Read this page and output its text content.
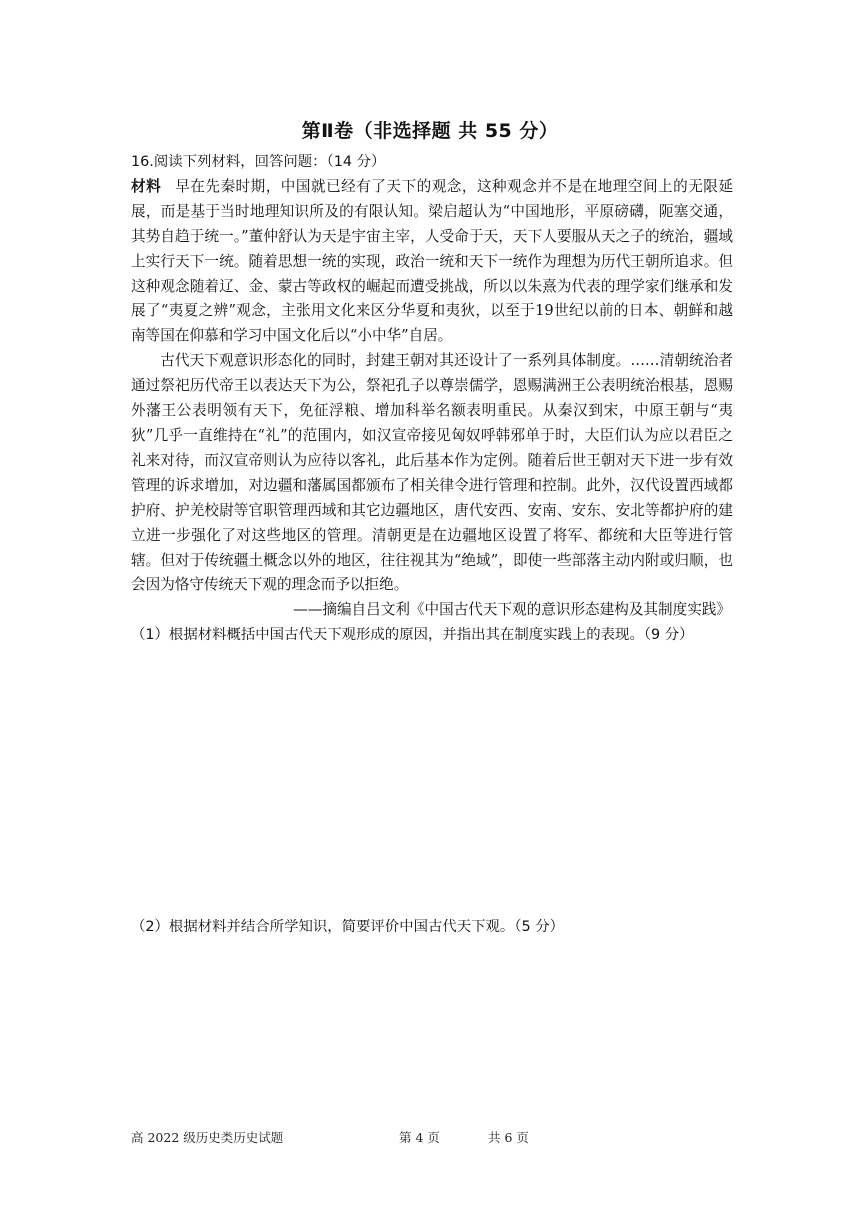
第Ⅱ卷（非选择题 共 55 分）

16.阅读下列材料，回答问题：（14 分）

材料 早在先秦时期，中国就已经有了天下的观念，这种观念并不是在地理空间上的无限延展，而是基于当时地理知识所及的有限认知。梁启超认为“中国地形，平原磅礴，阨塞交通，其势自趋于统一。”董仲舒认为天是宇宙主宰，人受命于天，天下人要服从天之子的统治，疆域上实行天下一统。随着思想一统的实现，政治一统和天下一统作为理想为历代王朝所追求。但这种观念随着辽、金、蒙古等政权的崛起而遭受挑战，所以以朱熹为代表的理学家们继承和发展了“夷夏之辨”观念，主张用文化来区分华夏和夷狄，以至于19世纪以前的日本、朝鲜和越南等国在仰慕和学习中国文化后以“小中华”自居。

古代天下观意识形态化的同时，封建王朝对其还设计了一系列具体制度。……清朝统治者通过祭祀历代帝王以表达天下为公，祭祀孔子以尊崇儒学，恩赐满洲王公表明统治根基，恩赐外藩王公表明领有天下，免征浮粮、增加科举名额表明重民。从秦汉到宋，中原王朝与“夷狄”几乎一直维持在“礼”的范围内，如汉宣帝接见匈奴呼韩邪单于时，大臣们认为应以君臣之礼来对待，而汉宣帝则认为应待以客礼，此后基本作为定例。随着后世王朝对天下进一步有效管理的诉求增加，对边疆和藩属国都颁布了相关律令进行管理和控制。此外，汉代设置西域都护府、护羌校尉等官职管理西域和其它边疆地区，唐代安西、安南、安东、安北等都护府的建立进一步强化了对这些地区的管理。清朝更是在边疆地区设置了将军、都统和大臣等进行管辖。但对于传统疆土概念以外的地区，往往视其为“绝域”，即使一些部落主动内附或归顺，也会因为恪守传统天下观的理念而予以拒绝。

——摘编自吕文利《中国古代天下观的意识形态建构及其制度实践》

（1）根据材料概括中国古代天下观形成的原因，并指出其在制度实践上的表现。（9 分）

（2）根据材料并结合所学知识，简要评价中国古代天下观。（5 分）
高 2022 级历史类历史试题	第 4 页	共 6 页
